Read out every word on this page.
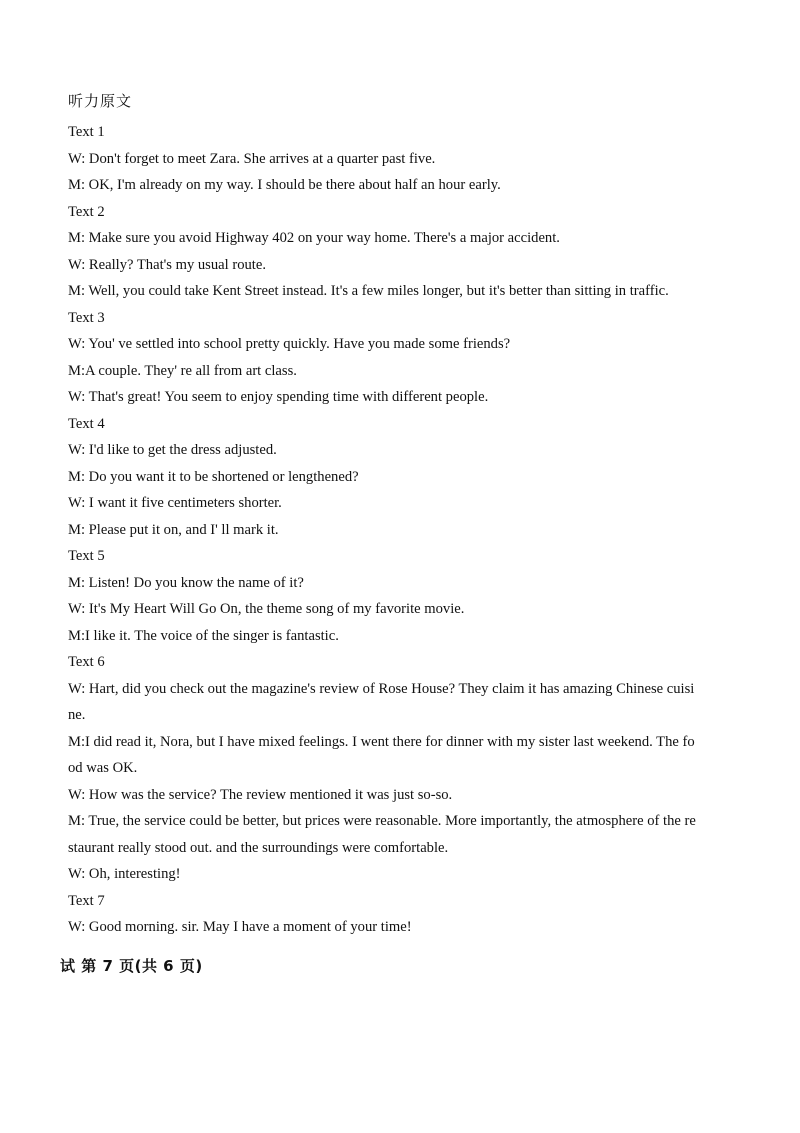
听力原文
Text 1
W: Don't forget to meet Zara. She arrives at a quarter past five.
M: OK, I'm already on my way. I should be there about half an hour early.
Text 2
M: Make sure you avoid Highway 402 on your way home. There's a major accident.
W: Really? That's my usual route.
M: Well, you could take Kent Street instead. It's a few miles longer, but it's better than sitting in traffic.
Text 3
W: You' ve settled into school pretty quickly. Have you made some friends?
M:A couple. They' re all from art class.
W: That's great! You seem to enjoy spending time with different people.
Text 4
W: I'd like to get the dress adjusted.
M: Do you want it to be shortened or lengthened?
W: I want it five centimeters shorter.
M: Please put it on, and I' ll mark it.
Text 5
M: Listen! Do you know the name of it?
W: It's My Heart Will Go On, the theme song of my favorite movie.
M:I like it. The voice of the singer is fantastic.
Text 6
W: Hart, did you check out the magazine's review of Rose House? They claim it has amazing Chinese cuisi
ne.
M:I did read it, Nora, but I have mixed feelings. I went there for dinner with my sister last weekend. The fo
od was OK.
W: How was the service? The review mentioned it was just so-so.
M: True, the service could be better, but prices were reasonable. More importantly, the atmosphere of the re
staurant really stood out. and the surroundings were comfortable.
W: Oh, interesting!
Text 7
W: Good morning. sir. May I have a moment of your time!
试 第 7 页(共 6 页)
